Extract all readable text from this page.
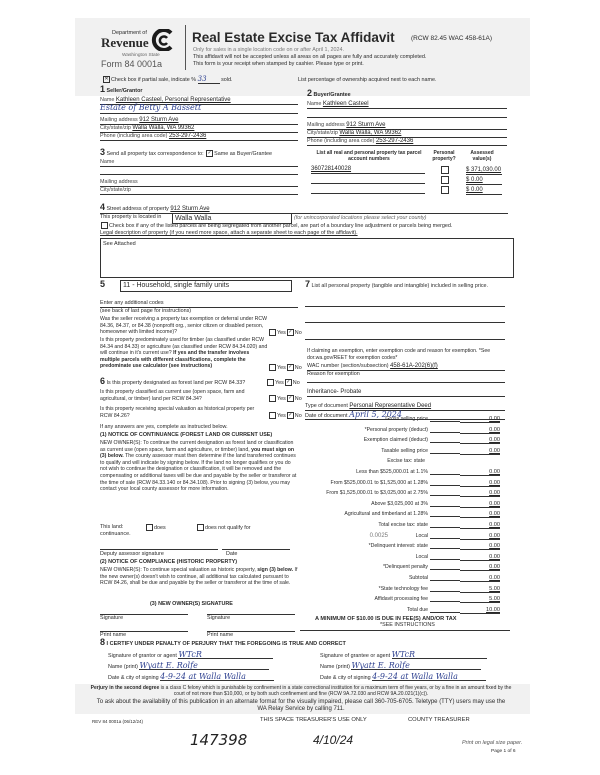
Department of
Revenue
Washington State
Form 84 0001a
Real Estate Excise Tax Affidavit	(RCW 82.45 WAC 458-61A)
Only for sales in a single location code on or after April 1, 2024.
This affidavit will not be accepted unless all areas on all pages are fully and accurately completed.
This form is your receipt when stamped by cashier. Please type or print.
✕ Check box if partial sale, indicate % 33	sold.	List percentage of ownership acquired next to each name.
1 Seller/Grantor
Name Kathleen Casteel, Personal Representative
Estate of Betty A Bassett
Mailing address 912 Sturm Ave
City/state/zip Walla Walla, WA 99362
Phone (including area code) 253-297-2436
2 Buyer/Grantee
Name Kathleen Casteel
Mailing address 912 Sturm Ave
City/state/zip Walla Walla, WA 99362
Phone (including area code) 253-297-2436
3 Send all property tax correspondence to: ✓ Same as Buyer/Grantee
Name
Mailing address
City/state/zip
List all real and personal property tax parcel account numbers
Personal property?
Assessed value(s)
360728140028	$ 371,030.00

$ 0.00

$ 0.00
4 Street address of property 912 Sturm Ave
This property is located in	Walla Walla	(for unincorporated locations please select your county)
Check box if any of the listed parcels are being segregated from another parcel, are part of a boundary line adjustment or parcels being merged.
Legal description of property (if you need more space, attach a separate sheet to each page of the affidavit).
See Attached
5	11 - Household, single family units
Enter any additional codes
(see back of last page for instructions)
Was the seller receiving a property tax exemption or deferral under RCW 84.36, 84.37, or 84.38 (nonprofit org., senior citizen or disabled person, homeowner with limited income)?	Yes ✓ No
Is this property predominately used for timber (as classified under RCW 84.34 and 84.33) or agriculture (as classified under RCW 84.34.020) and will continue in it's current use? If yes and the transfer involves multiple parcels with different classifications, complete the predominate use calculator (see instructions)	Yes ✓ No
6 Is this property designated as forest land per RCW 84.33?	Yes ✓ No
Is this property classified as current use (open space, farm and agricultural, or timber) land per RCW 84.34?	Yes ✓ No
Is this property receiving special valuation as historical property per RCW 84.26?	Yes ✓ No
If any answers are yes, complete as instructed below.
(1) NOTICE OF CONTINUANCE (FOREST LAND OR CURRENT USE)
NEW OWNER(S): To continue the current designation as forest land or classification as current use (open space, farm and agriculture, or timber) land, you must sign on (3) below. The county assessor must then determine if the land transferred continues to qualify and will indicate by signing below. If the land no longer qualifies or you do not wish to continue the designation or classification, it will be removed and the compensating or additional taxes will be due and payable by the seller or transferor at the time of sale (RCW 84.33.140 or 84.34.108). Prior to signing (3) below, you may contact your local county assessor for more information.
This land:
continuance.
does	does not qualify for
Deputy assessor signature	Date
(2) NOTICE OF COMPLIANCE (HISTORIC PROPERTY)
NEW OWNER(S): To continue special valuation as historic property, sign (3) below. If the new owner(s) doesn't wish to continue, all additional tax calculated pursuant to RCW 84.26, shall be due and payable by the seller or transferor at the time of sale.
(3) NEW OWNER(S) SIGNATURE
Signature	Signature
Print name	Print name
7 List all personal property (tangible and intangible) included in selling price.
If claiming an exemption, enter exemption code and reason for exemption. *See dor.wa.gov/REET for exemption codes*
WAC number (section/subsection) 458-61A-202(6)(f)
Reason for exemption
Inheritance- Probate
Type of document Personal Representative Deed
Date of document April 5, 2024
Gross selling price	0.00
*Personal property (deduct)	0.00
Exemption claimed (deduct)	0.00
Taxable selling price	0.00
Excise tax: state
Less than $525,000.01 at 1.1%	0.00
From $525,000.01 to $1,525,000 at 1.28%	0.00
From $1,525,000.01 to $3,025,000 at 2.75%	0.00
Above $3,025,000 at 3%	0.00
Agricultural and timberland at 1.28%	0.00
Total excise tax: state	0.00
Local	0.00
0.0025
*Delinquent interest: state	0.00
Local	0.00
*Delinquent penalty	0.00
Subtotal	0.00
*State technology fee	5.00
Affidavit processing fee	5.00
Total due	10.00
A MINIMUM OF $10.00 IS DUE IN FEE(S) AND/OR TAX
*SEE INSTRUCTIONS
8 I CERTIFY UNDER PENALTY OF PERJURY THAT THE FOREGOING IS TRUE AND CORRECT
Signature of grantor or agent WTcR
Name (print) Wyatt E. Rolfe
Date & city of signing 4-9-24 at Walla Walla
Signature of grantee or agent WTcR
Name (print) Wyatt E. Rolfe
Date & city of signing 4-9-24 at Walla Walla
Perjury in the second degree is a class C felony which is punishable by confinement in a state correctional institution for a maximum term of five years, or by a fine in an amount fixed by the court of not more than $10,000, or by both such confinement and fine (RCW 9A.72.030 and RCW 9A.20.021(1)(c)).
To ask about the availability of this publication in an alternate format for the visually impaired, please call 360-705-6705. Teletype (TTY) users may use the WA Relay Service by calling 711.
REV 84 0001a (06/12/24)	THIS SPACE TREASURER'S USE ONLY	COUNTY TREASURER
147398	4/10/24	Print on legal size paper.
Page 1 of 6
